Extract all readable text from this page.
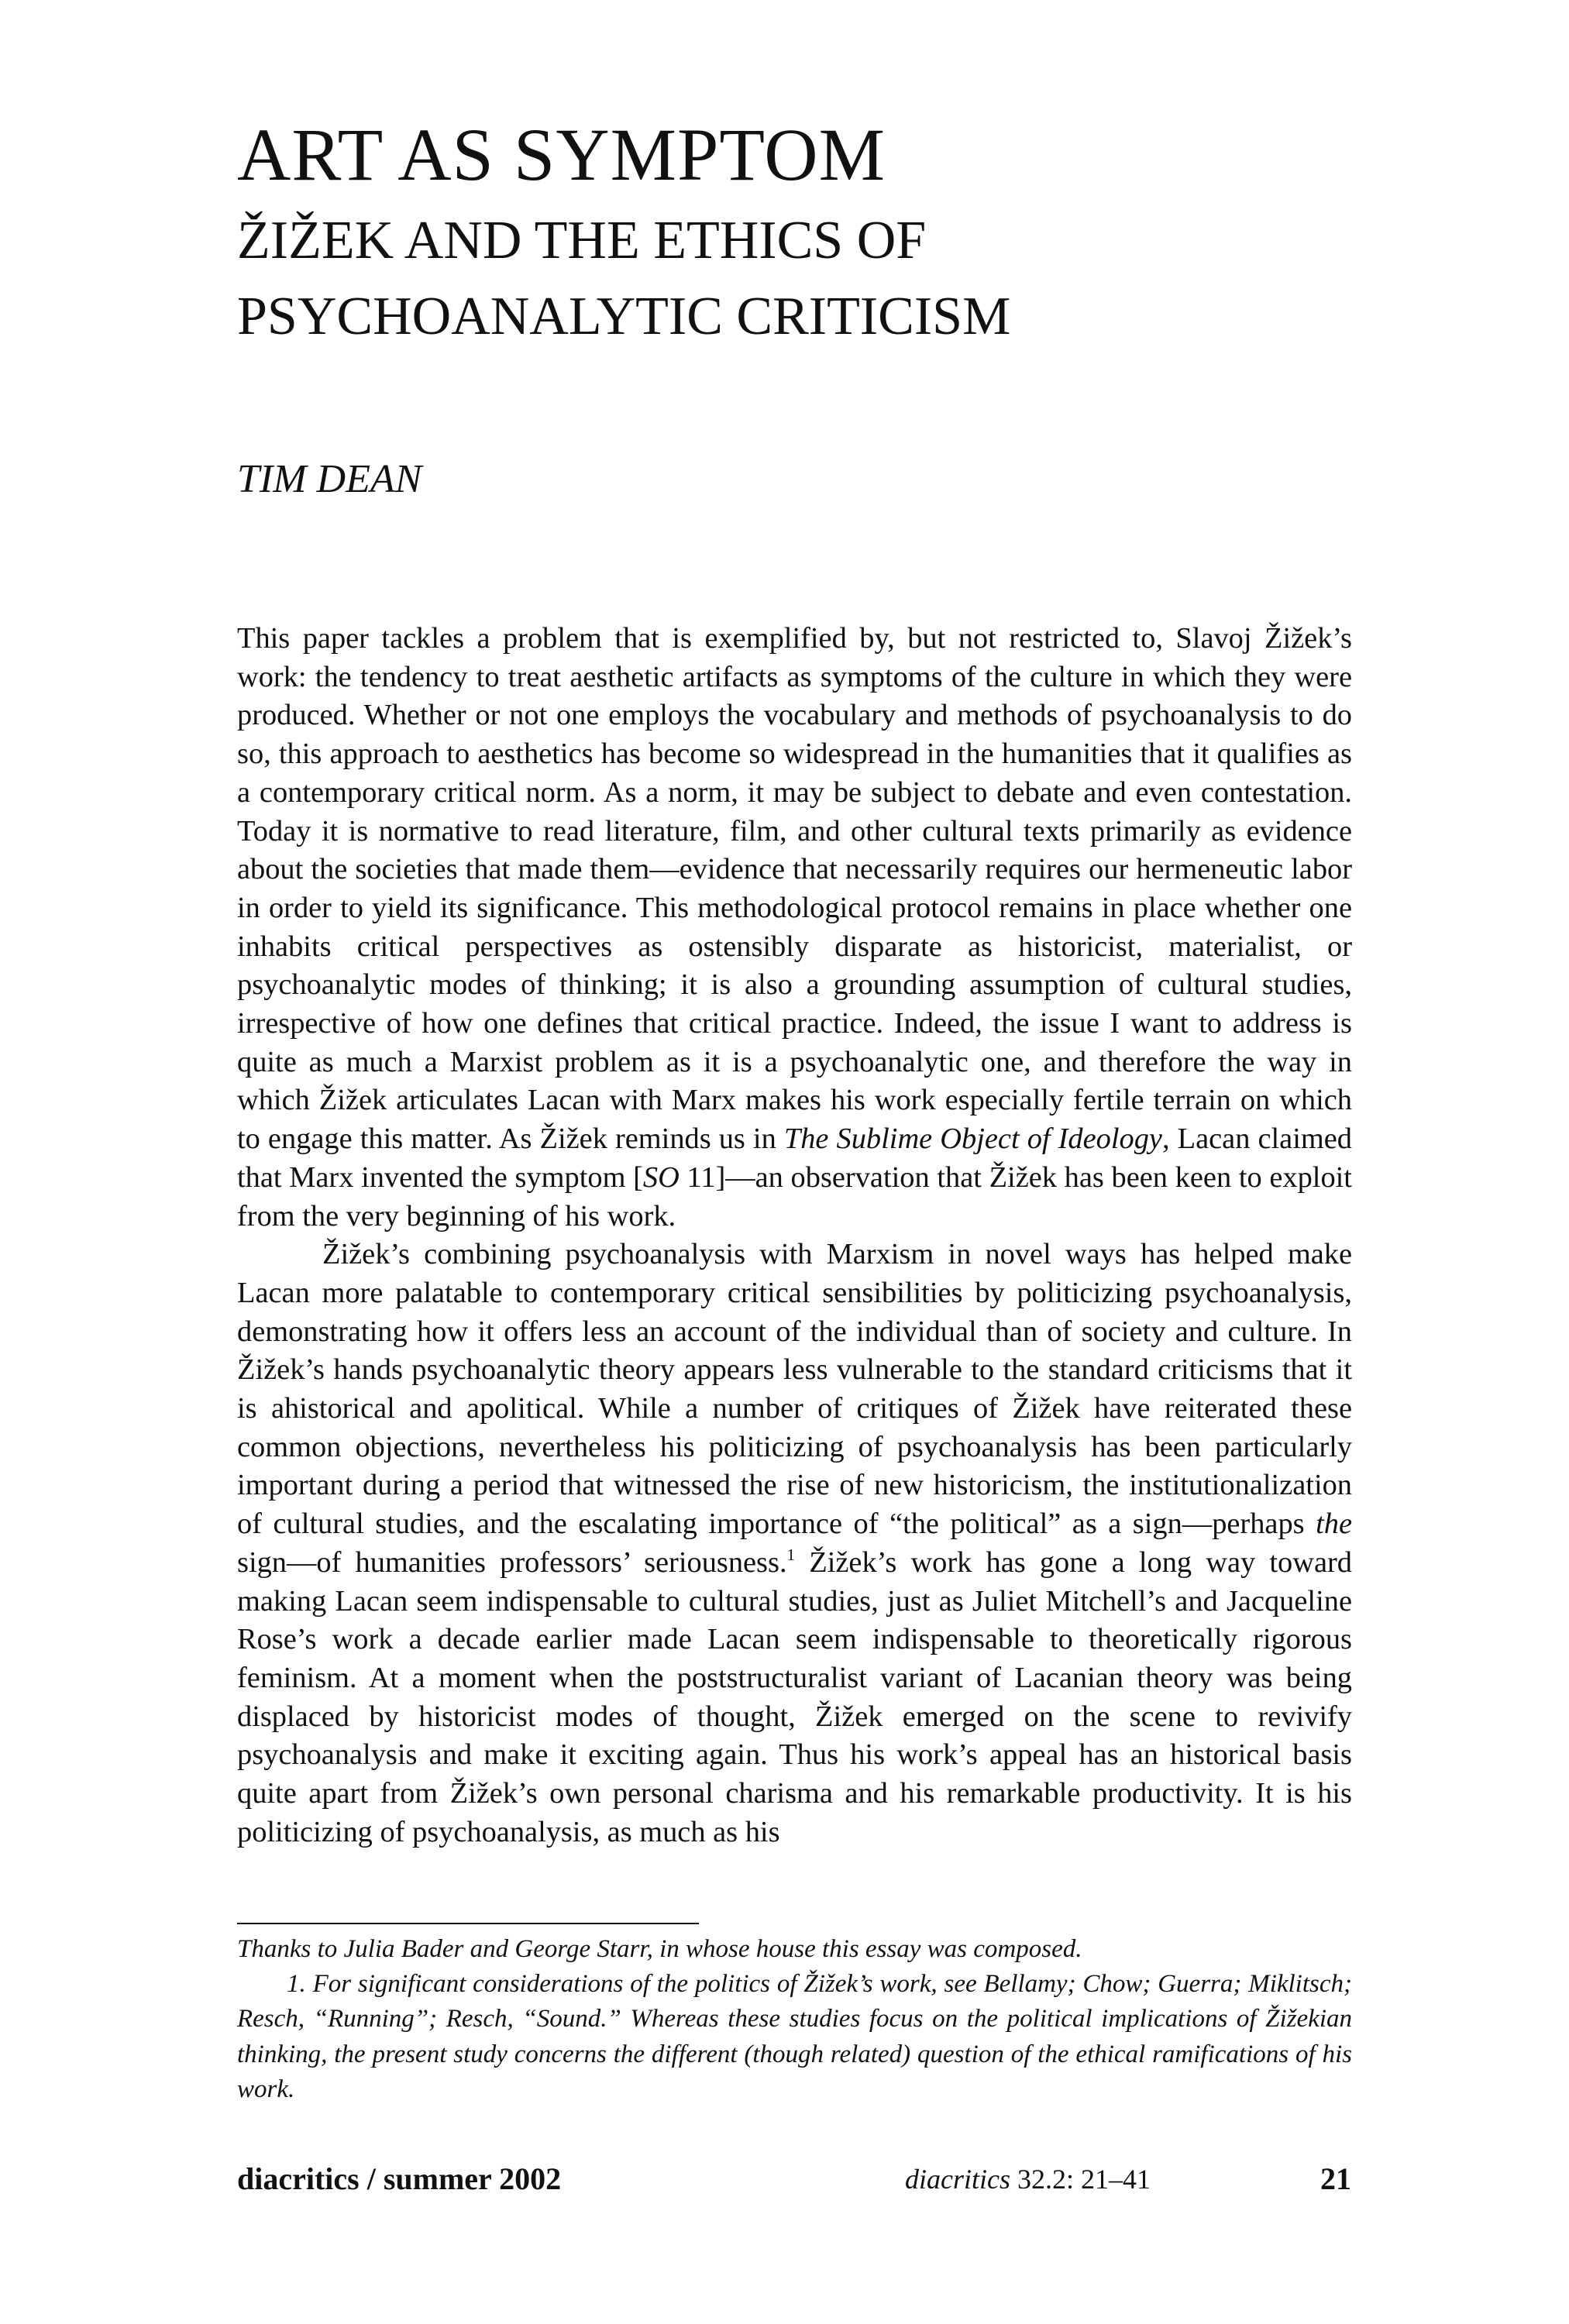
ART AS SYMPTOM
ŽIŽEK AND THE ETHICS OF
PSYCHOANALYTIC CRITICISM
TIM DEAN

This paper tackles a problem that is exemplified by, but not restricted to, Slavoj Žižek’s work: the tendency to treat aesthetic artifacts as symptoms of the culture in which they were produced. Whether or not one employs the vocabulary and methods of psychoanalysis to do so, this approach to aesthetics has become so widespread in the humanities that it qualifies as a contemporary critical norm. As a norm, it may be subject to debate and even contestation. Today it is normative to read literature, film, and other cultural texts primarily as evidence about the societies that made them—evidence that necessarily requires our hermeneutic labor in order to yield its significance. This methodological protocol remains in place whether one inhabits critical perspectives as ostensibly disparate as historicist, materialist, or psychoanalytic modes of thinking; it is also a grounding assumption of cultural studies, irrespective of how one defines that critical practice. Indeed, the issue I want to address is quite as much a Marxist problem as it is a psychoanalytic one, and therefore the way in which Žižek articulates Lacan with Marx makes his work especially fertile terrain on which to engage this matter. As Žižek reminds us in The Sublime Object of Ideology, Lacan claimed that Marx invented the symptom [SO 11]—an observation that Žižek has been keen to exploit from the very beginning of his work.

Žižek’s combining psychoanalysis with Marxism in novel ways has helped make Lacan more palatable to contemporary critical sensibilities by politicizing psychoanalysis, demonstrating how it offers less an account of the individual than of society and culture. In Žižek’s hands psychoanalytic theory appears less vulnerable to the standard criticisms that it is ahistorical and apolitical. While a number of critiques of Žižek have reiterated these common objections, nevertheless his politicizing of psychoanalysis has been particularly important during a period that witnessed the rise of new historicism, the institutionalization of cultural studies, and the escalating importance of “the political” as a sign—perhaps the sign—of humanities professors’ seriousness.$^1$ Žižek’s work has gone a long way toward making Lacan seem indispensable to cultural studies, just as Juliet Mitchell’s and Jacqueline Rose’s work a decade earlier made Lacan seem indispensable to theoretically rigorous feminism. At a moment when the poststructuralist variant of Lacanian theory was being displaced by historicist modes of thought, Žižek emerged on the scene to revivify psychoanalysis and make it exciting again. Thus his work’s appeal has an historical basis quite apart from Žižek’s own personal charisma and his remarkable productivity. It is his politicizing of psychoanalysis, as much as his

Thanks to Julia Bader and George Starr, in whose house this essay was composed.

1. For significant considerations of the politics of Žižek’s work, see Bellamy; Chow; Guerra; Miklitsch; Resch, “Running”; Resch, “Sound.” Whereas these studies focus on the political implications of Žižekian thinking, the present study concerns the different (though related) question of the ethical ramifications of his work.

diacritics / summer 2002	diacritics 32.2: 21–41	21
